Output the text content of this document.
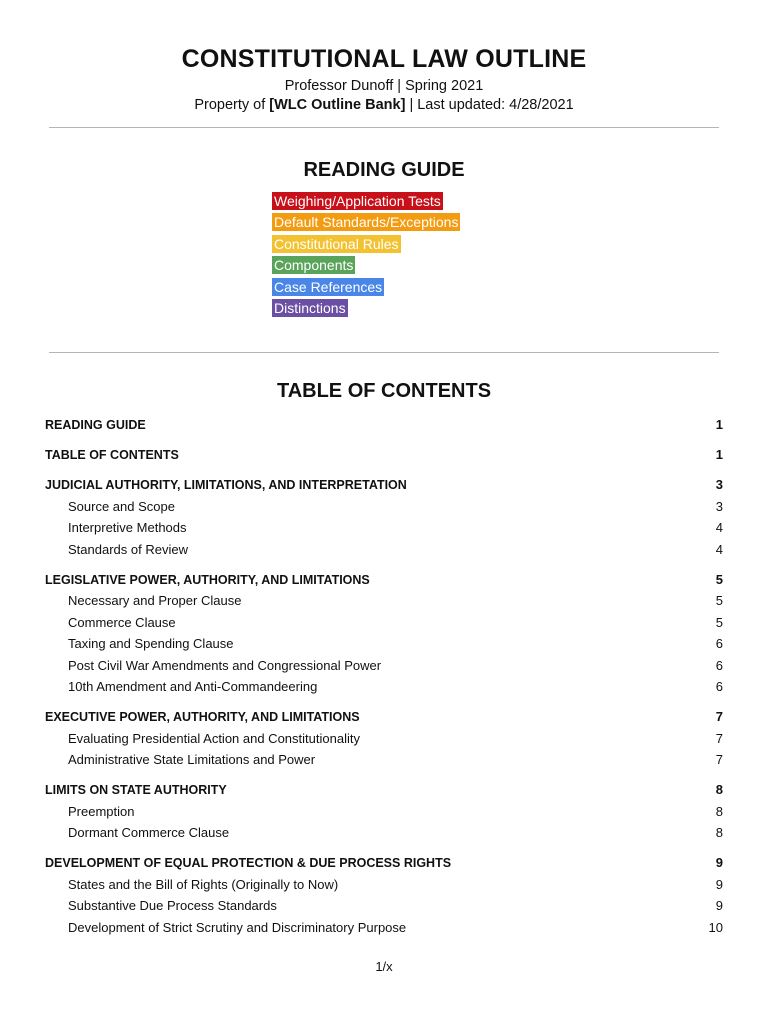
CONSTITUTIONAL LAW OUTLINE
Professor Dunoff | Spring 2021
Property of [WLC Outline Bank] | Last updated: 4/28/2021
READING GUIDE
Weighing/Application Tests
Default Standards/Exceptions
Constitutional Rules
Components
Case References
Distinctions
TABLE OF CONTENTS
READING GUIDE	1
TABLE OF CONTENTS	1
JUDICIAL AUTHORITY, LIMITATIONS, AND INTERPRETATION	3
Source and Scope	3
Interpretive Methods	4
Standards of Review	4
LEGISLATIVE POWER, AUTHORITY, AND LIMITATIONS	5
Necessary and Proper Clause	5
Commerce Clause	5
Taxing and Spending Clause	6
Post Civil War Amendments and Congressional Power	6
10th Amendment and Anti-Commandeering	6
EXECUTIVE POWER, AUTHORITY, AND LIMITATIONS	7
Evaluating Presidential Action and Constitutionality	7
Administrative State Limitations and Power	7
LIMITS ON STATE AUTHORITY	8
Preemption	8
Dormant Commerce Clause	8
DEVELOPMENT OF EQUAL PROTECTION & DUE PROCESS RIGHTS	9
States and the Bill of Rights (Originally to Now)	9
Substantive Due Process Standards	9
Development of Strict Scrutiny and Discriminatory Purpose	10
1/x
